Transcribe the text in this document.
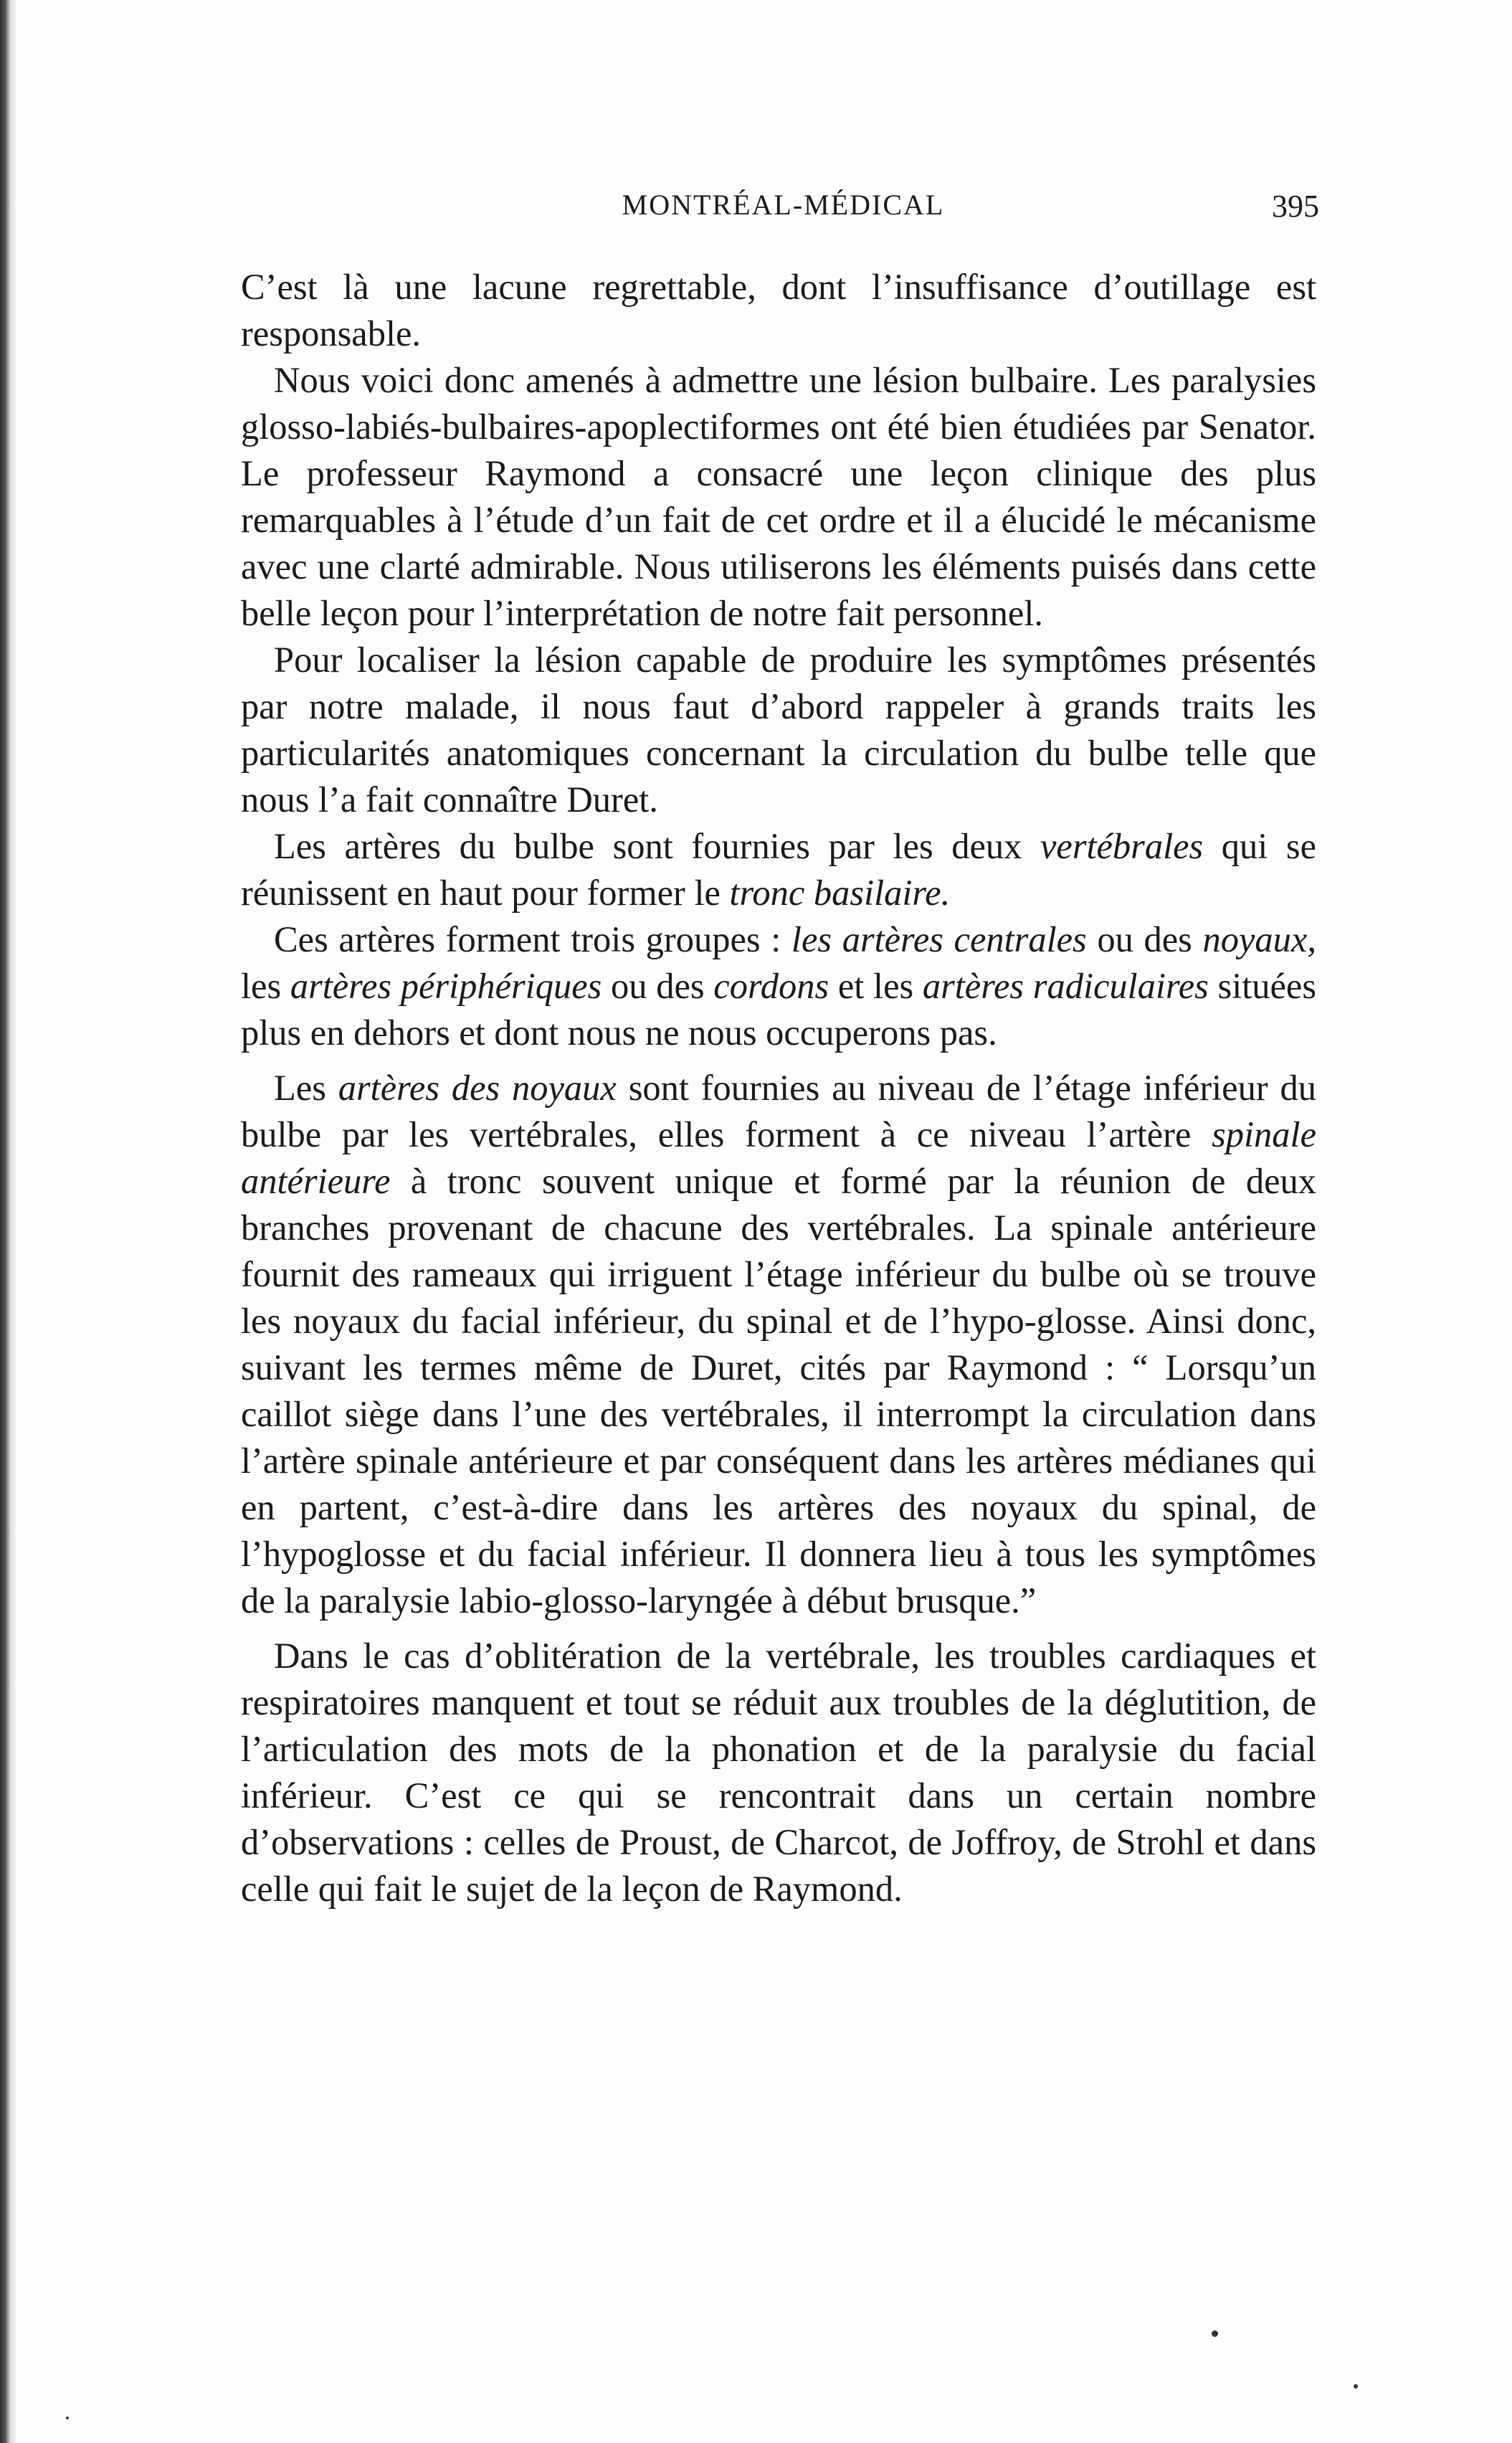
MONTRÉAL-MÉDICAL	395

C’est là une lacune regrettable, dont l’insuffisance d’outillage est responsable.

Nous voici donc amenés à admettre une lésion bulbaire. Les paralysies glosso-labiés-bulbaires-apoplectiformes ont été bien étudiées par Senator. Le professeur Raymond a consacré une leçon clinique des plus remarquables à l’étude d’un fait de cet ordre et il a élucidé le mécanisme avec une clarté admirable. Nous utiliserons les éléments puisés dans cette belle leçon pour l’interprétation de notre fait personnel.

Pour localiser la lésion capable de produire les symptômes présentés par notre malade, il nous faut d’abord rappeler à grands traits les particularités anatomiques concernant la circulation du bulbe telle que nous l’a fait connaître Duret.

Les artères du bulbe sont fournies par les deux vertébrales qui se réunissent en haut pour former le tronc basilaire.

Ces artères forment trois groupes : les artères centrales ou des noyaux, les artères périphériques ou des cordons et les artères radiculaires situées plus en dehors et dont nous ne nous occuperons pas.

Les artères des noyaux sont fournies au niveau de l’étage inférieur du bulbe par les vertébrales, elles forment à ce niveau l’artère spinale antérieure à tronc souvent unique et formé par la réunion de deux branches provenant de chacune des vertébrales. La spinale antérieure fournit des rameaux qui irriguent l’étage inférieur du bulbe où se trouve les noyaux du facial inférieur, du spinal et de l’hypo-glosse. Ainsi donc, suivant les termes même de Duret, cités par Raymond : “ Lorsqu’un caillot siège dans l’une des vertébrales, il interrompt la circulation dans l’artère spinale antérieure et par conséquent dans les artères médianes qui en partent, c’est-à-dire dans les artères des noyaux du spinal, de l’hypoglosse et du facial inférieur. Il donnera lieu à tous les symptômes de la paralysie labio-glosso-laryngée à début brusque.”

Dans le cas d’oblitération de la vertébrale, les troubles cardiaques et respiratoires manquent et tout se réduit aux troubles de la déglutition, de l’articulation des mots de la phonation et de la paralysie du facial inférieur. C’est ce qui se rencontrait dans un certain nombre d’observations : celles de Proust, de Charcot, de Joffroy, de Strohl et dans celle qui fait le sujet de la leçon de Raymond.
